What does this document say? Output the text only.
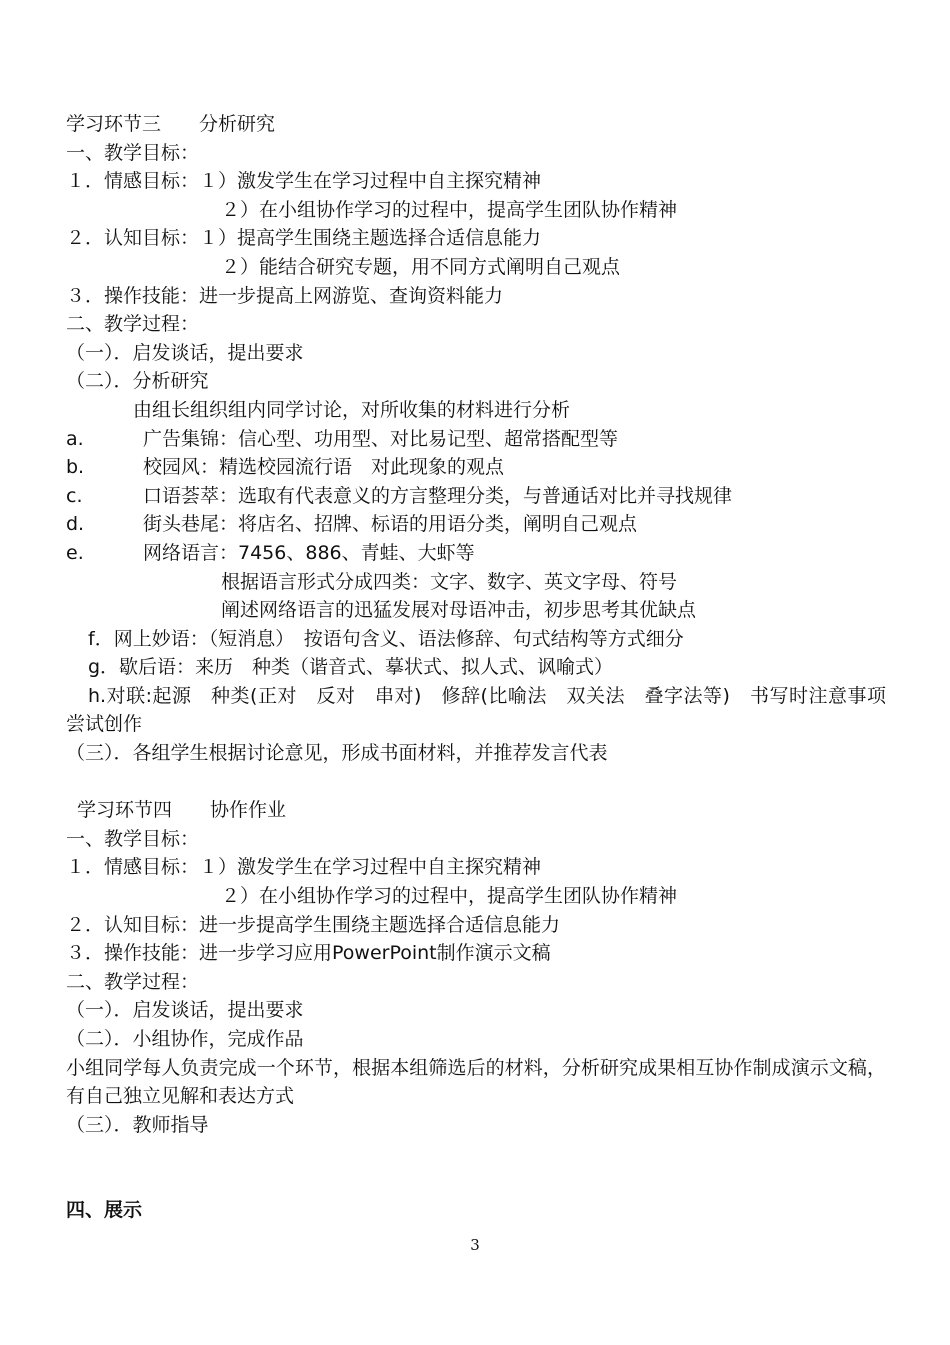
学习环节三　　分析研究
一、教学目标：
１．情感目标：１）激发学生在学习过程中自主探究精神
２）在小组协作学习的过程中，提高学生团队协作精神
２．认知目标：１）提高学生围绕主题选择合适信息能力
２）能结合研究专题，用不同方式阐明自己观点
３．操作技能：进一步提高上网游览、查询资料能力
二、教学过程：
（一）．启发谈话，提出要求
（二）．分析研究
由组长组织组内同学讨论，对所收集的材料进行分析
a.	广告集锦：信心型、功用型、对比易记型、超常搭配型等
b.	校园风：精选校园流行语　对此现象的观点
c.	口语荟萃：选取有代表意义的方言整理分类，与普通话对比并寻找规律
d.	街头巷尾：将店名、招牌、标语的用语分类，阐明自己观点
e.	网络语言：7456、886、青蛙、大虾等
根据语言形式分成四类：文字、数字、英文字母、符号
阐述网络语言的迅猛发展对母语冲击，初步思考其优缺点
f．网上妙语：（短消息）　按语句含义、语法修辞、句式结构等方式细分
g．歇后语：来历　种类（谐音式、摹状式、拟人式、讽喻式）
h.对联:起源　种类(正对　反对　串对)　修辞(比喻法　双关法　叠字法等)　书写时注意事项　尝试创作
（三）．各组学生根据讨论意见，形成书面材料，并推荐发言代表
学习环节四　　协作作业
一、教学目标：
１．情感目标：１）激发学生在学习过程中自主探究精神
２）在小组协作学习的过程中，提高学生团队协作精神
２．认知目标：进一步提高学生围绕主题选择合适信息能力
３．操作技能：进一步学习应用PowerPoint制作演示文稿
二、教学过程：
（一）．启发谈话，提出要求
（二）．小组协作，完成作品
小组同学每人负责完成一个环节，根据本组筛选后的材料，分析研究成果相互协作制成演示文稿，有自己独立见解和表达方式
（三）．教师指导
四、展示
3
